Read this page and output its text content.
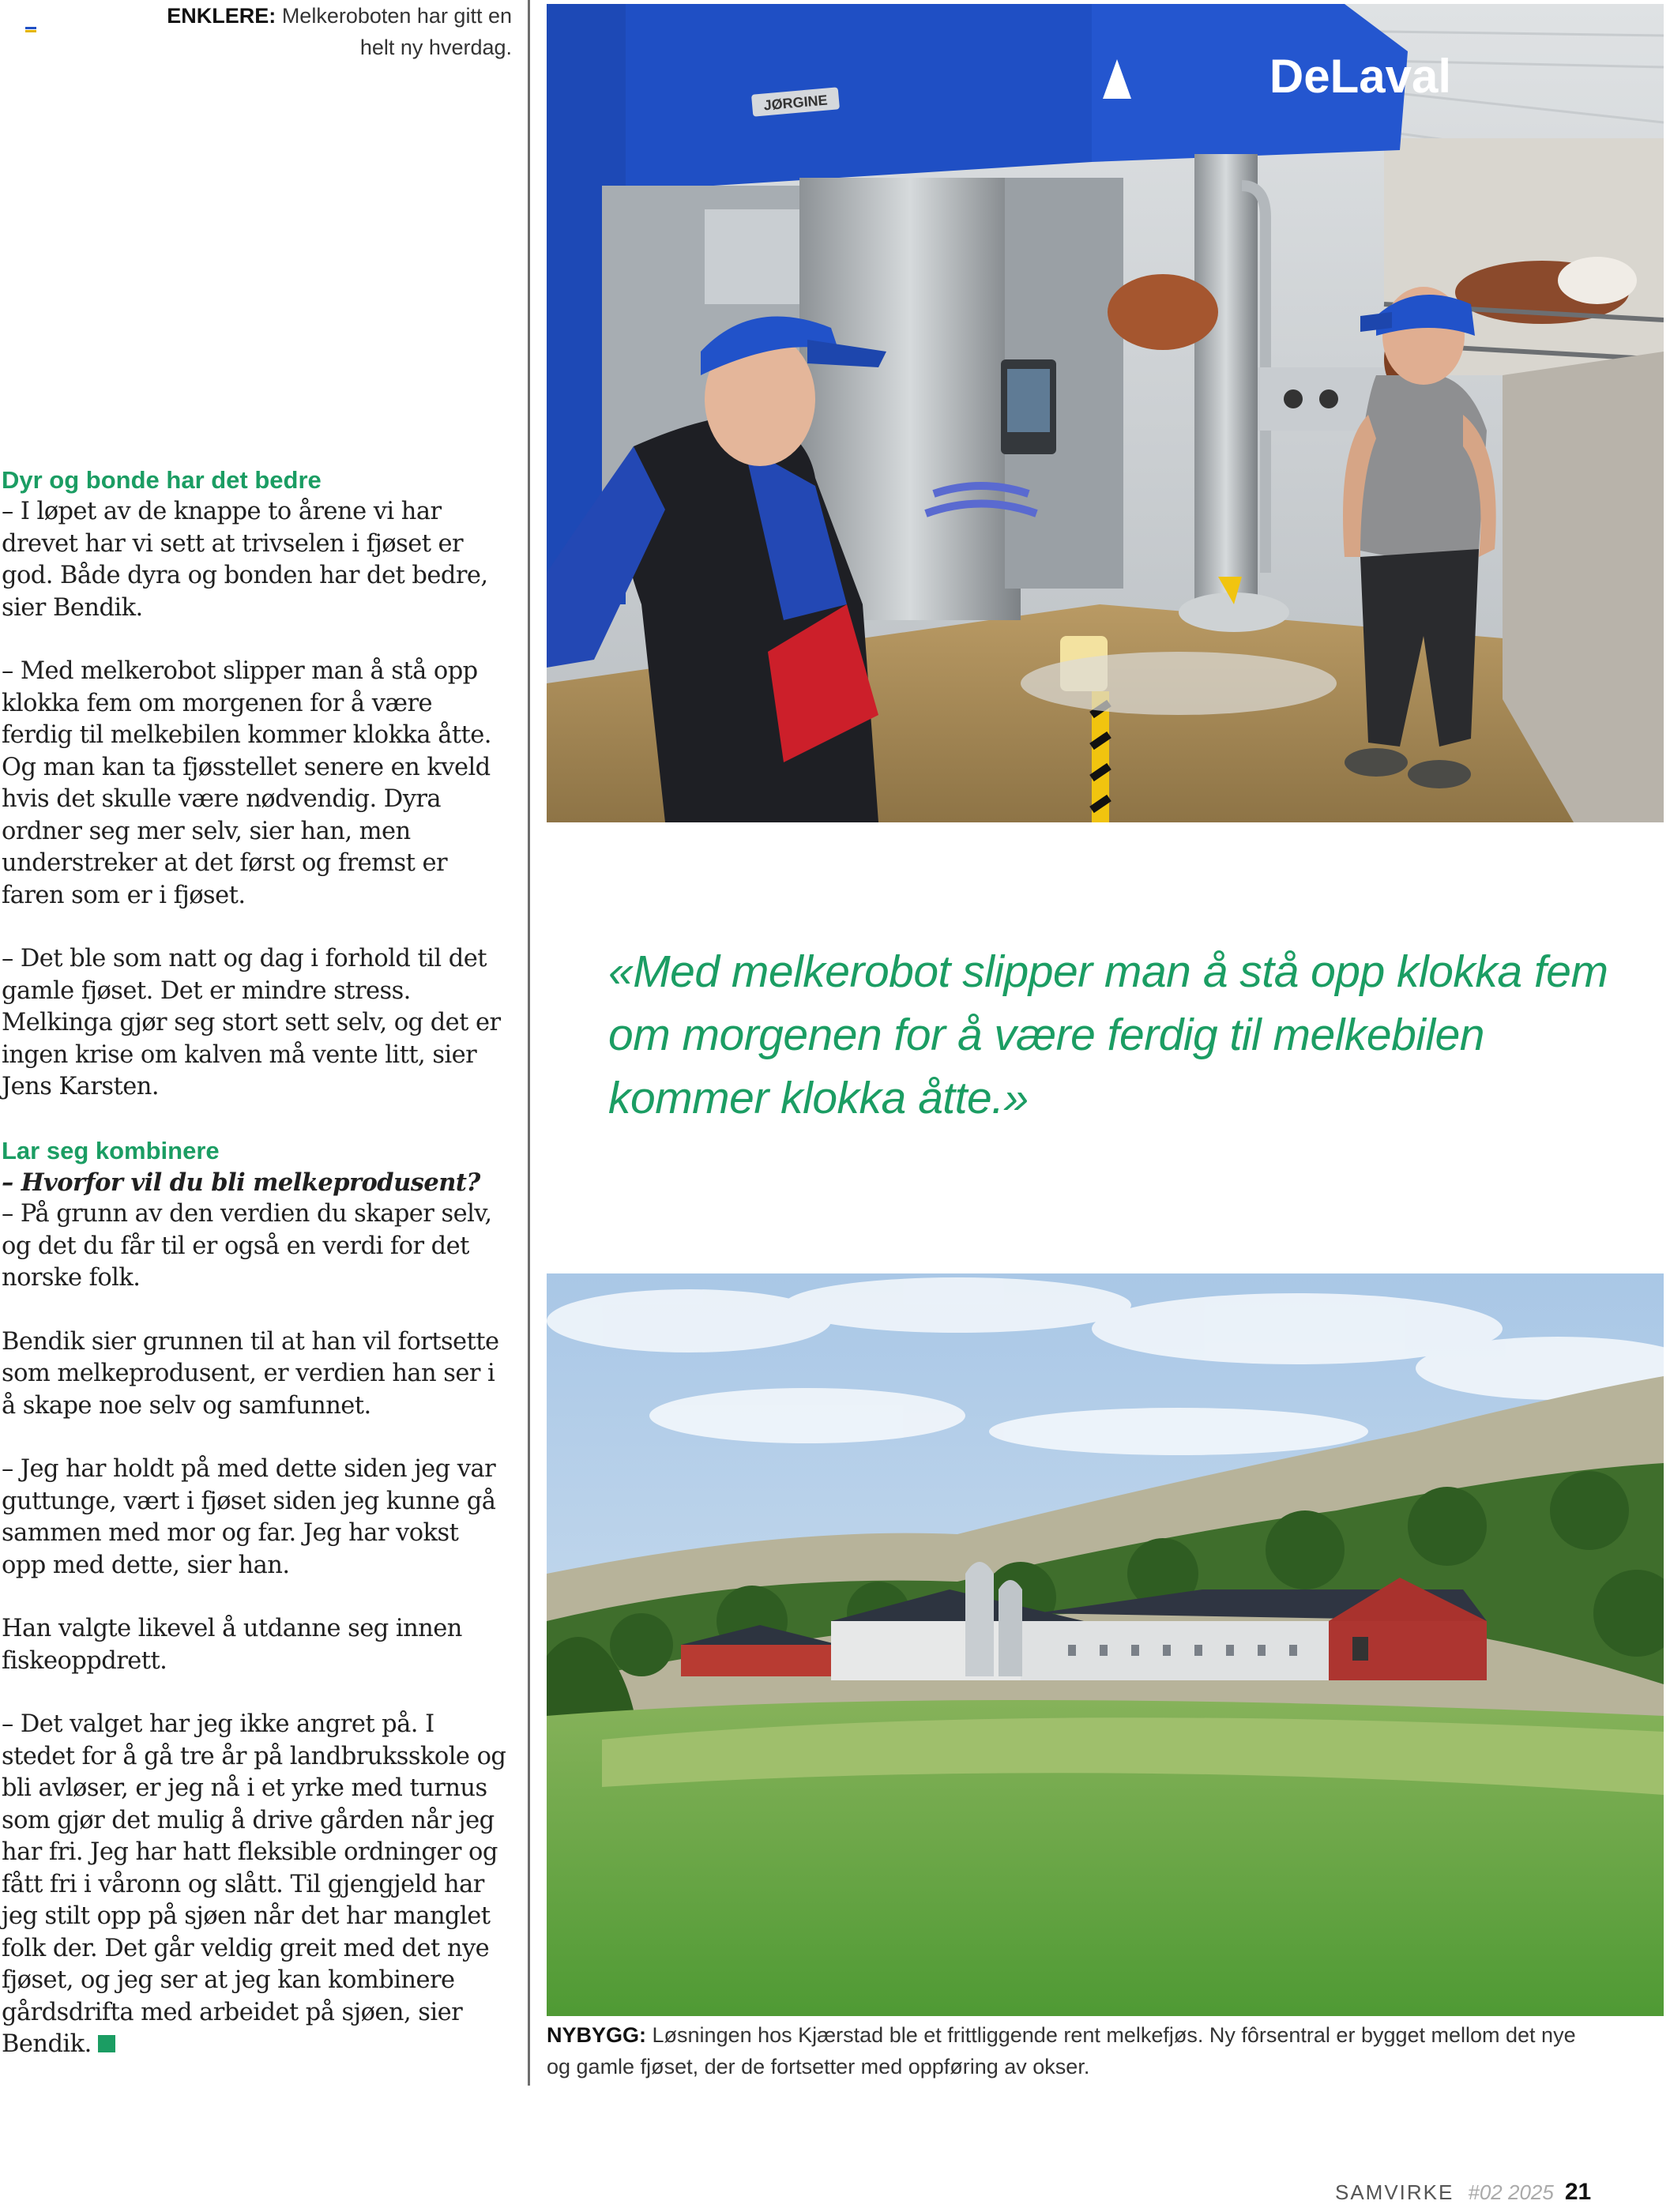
ENKLERE: Melkeroboten har gitt en helt ny hverdag.
Dyr og bonde har det bedre

– I løpet av de knappe to årene vi har drevet har vi sett at trivselen i fjøset er god. Både dyra og bonden har det bedre, sier Bendik.

– Med melkerobot slipper man å stå opp klokka fem om morgenen for å være ferdig til melkebilen kommer klokka åtte. Og man kan ta fjøsstellet senere en kveld hvis det skulle være nødvendig. Dyra ordner seg mer selv, sier han, men understreker at det først og fremst er faren som er i fjøset.

– Det ble som natt og dag i forhold til det gamle fjøset. Det er mindre stress. Melkinga gjør seg stort sett selv, og det er ingen krise om kalven må vente litt, sier Jens Karsten.

Lar seg kombinere

– Hvorfor vil du bli melkeprodusent?

– På grunn av den verdien du skaper selv, og det du får til er også en verdi for det norske folk.

Bendik sier grunnen til at han vil fortsette som melkeprodusent, er verdien han ser i å skape noe selv og samfunnet.

– Jeg har holdt på med dette siden jeg var guttunge, vært i fjøset siden jeg kunne gå sammen med mor og far. Jeg har vokst opp med dette, sier han.

Han valgte likevel å utdanne seg innen fiskeoppdrett.

– Det valget har jeg ikke angret på. I stedet for å gå tre år på landbruksskole og bli avløser, er jeg nå i et yrke med turnus som gjør det mulig å drive gården når jeg har fri. Jeg har hatt fleksible ordninger og fått fri i våronn og slått. Til gjengjeld har jeg stilt opp på sjøen når det har manglet folk der. Det går veldig greit med det nye fjøset, og jeg ser at jeg kan kombinere gårdsdrifta med arbeidet på sjøen, sier Bendik.

DeLaval
JØRGINE

«Med melkerobot slipper man å stå opp klokka fem om morgenen for å være ferdig til melkebilen kommer klokka åtte.»

NYBYGG: Løsningen hos Kjærstad ble et frittliggende rent melkefjøs. Ny fôrsentral er bygget mellom det nye og gamle fjøset, der de fortsetter med oppføring av okser.
SAMVIRKE #02 2025 21
